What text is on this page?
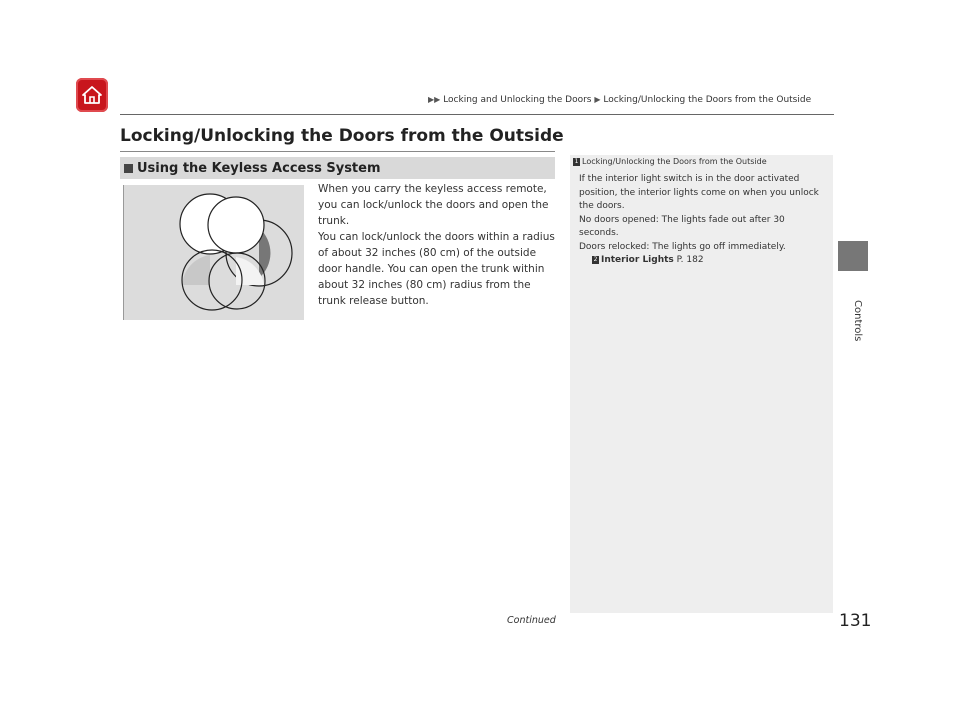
▶▶ Locking and Unlocking the Doors ▶ Locking/Unlocking the Doors from the Outside
Locking/Unlocking the Doors from the Outside
Using the Keyless Access System

When you carry the keyless access remote, you can lock/unlock the doors and open the trunk.

You can lock/unlock the doors within a radius of about 32 inches (80 cm) of the outside door handle. You can open the trunk within about 32 inches (80 cm) radius from the trunk release button.

1 Locking/Unlocking the Doors from the Outside

If the interior light switch is in the door activated position, the interior lights come on when you unlock the doors.

No doors opened: The lights fade out after 30 seconds.

Doors relocked: The lights go off immediately.

2 Interior Lights P. 182

Controls
Continued	131
